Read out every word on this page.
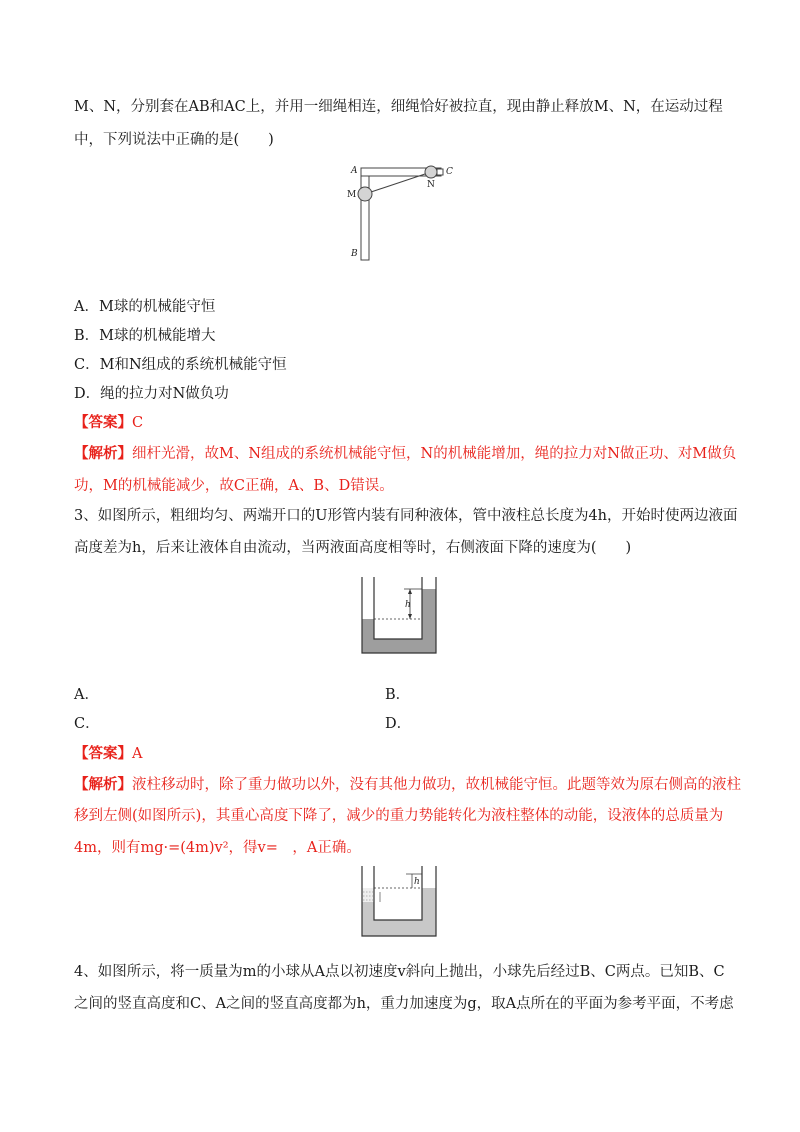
M、N，分别套在AB和AC上，并用一细绳相连，细绳恰好被拉直，现由静止释放M、N，在运动过程
中，下列说法中正确的是(　　)
A
M
C
N
B
A．M球的机械能守恒
B．M球的机械能增大
C．M和N组成的系统机械能守恒
D．绳的拉力对N做负功
【答案】C
【解析】细杆光滑，故M、N组成的系统机械能守恒，N的机械能增加，绳的拉力对N做正功、对M做负
功，M的机械能减少，故C正确，A、B、D错误。
3、如图所示，粗细均匀、两端开口的U形管内装有同种液体，管中液柱总长度为4h，开始时使两边液面
高度差为h，后来让液体自由流动，当两液面高度相等时，右侧液面下降的速度为(　　)
h
A．	B．
C．	D．
【答案】A
【解析】液柱移动时，除了重力做功以外，没有其他力做功，故机械能守恒。此题等效为原右侧高的液柱
移到左侧(如图所示)，其重心高度下降了，减少的重力势能转化为液柱整体的动能，设液体的总质量为
4m，则有mg·=(4m)v²，得v=　，A正确。
h
4、如图所示，将一质量为m的小球从A点以初速度v斜向上抛出，小球先后经过B、C两点。已知B、C
之间的竖直高度和C、A之间的竖直高度都为h，重力加速度为g，取A点所在的平面为参考平面，不考虑
